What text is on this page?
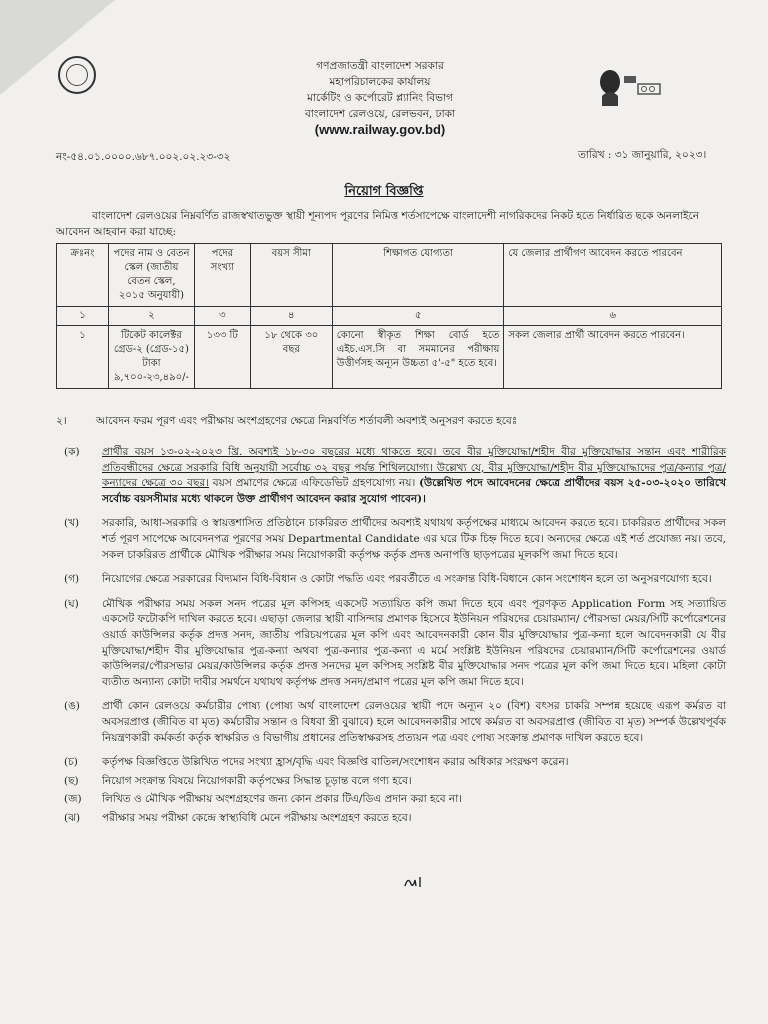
গণপ্রজাতন্ত্রী বাংলাদেশ সরকার
মহাপরিচালকের কার্যালয়
মার্কেটিং ও কর্পোরেট প্ল্যানিং বিভাগ
বাংলাদেশ রেলওয়ে, রেলভবন, ঢাকা
(www.railway.gov.bd)
নং-৫৪.০১.০০০০.৬৮৭.০০২.০২.২৩-৩২	তারিখ : ৩১ জানুয়ারি, ২০২৩।
নিয়োগ বিজ্ঞপ্তি
বাংলাদেশ রেলওয়ের নিম্নবর্ণিত রাজস্বখাতভুক্ত স্থায়ী শূন্যপদ পূরণের নিমিত্ত শর্তসাপেক্ষে বাংলাদেশী নাগরিকদের নিকট হতে নির্ধারিত ছকে অনলাইনে আবেদন আহবান করা যাচ্ছে:
ক্রঃনং	পদের নাম ও বেতন স্কেল (জাতীয় বেতন স্কেল, ২০১৫ অনুযায়ী)	পদের সংখ্যা	বয়স সীমা	শিক্ষাগত যোগ্যতা	যে জেলার প্রার্থীগণ আবেদন করতে পারবেন
১	২	৩	৪	৫	৬
১	টিকেট কালেক্টর গ্রেড-২ (গ্রেড-১৫) টাকা ৯,৭০০-২৩,৪৯০/-	১৩৩ টি	১৮ থেকে ৩০ বছর	কোনো স্বীকৃত শিক্ষা বোর্ড হতে এইচ.এস.সি বা সমমানের পরীক্ষায় উত্তীর্ণসহ অন্যূন উচ্চতা ৫'-৫" হতে হবে।	সকল জেলার প্রার্থী আবেদন করতে পারবেন।
২।	আবেদন ফরম পূরণ এবং পরীক্ষায় অংশগ্রহণের ক্ষেত্রে নিম্নবর্ণিত শর্তাবলী অবশ্যই অনুসরণ করতে হবেঃ
(ক)	প্রার্থীর বয়স ১৩-০২-২০২৩ খ্রি. অবশ্যই ১৮-৩০ বছরের মধ্যে থাকতে হবে। তবে বীর মুক্তিযোদ্ধা/শহীদ বীর মুক্তিযোদ্ধার সন্তান এবং শারীরিক প্রতিবন্ধীদের ক্ষেত্রে সরকারি বিধি অনুযায়ী সর্বোচ্চ ৩২ বছর পর্যন্ত শিথিলযোগ্য। উল্লেখ্য যে, বীর মুক্তিযোদ্ধা/শহীদ বীর মুক্তিযোদ্ধাদের পুত্র/কন্যার পুত্র/কন্যাদের ক্ষেত্রে ৩০ বছর। বয়স প্রমাণের ক্ষেত্রে এফিডেভিট গ্রহণযোগ্য নয়। (উল্লেখিত পদে আবেদনের ক্ষেত্রে প্রার্থীদের বয়স ২৫-০৩-২০২০ তারিখে সর্বোচ্চ বয়সসীমার মধ্যে থাকলে উক্ত প্রার্থীগণ আবেদন করার সুযোগ পাবেন)।
(খ)	সরকারি, আধা-সরকারি ও স্বায়ত্তশাসিত প্রতিষ্ঠানে চাকরিরত প্রার্থীদের অবশ্যই যথাযথ কর্তৃপক্ষের মাধ্যমে আবেদন করতে হবে। চাকরিরত প্রার্থীদের সকল শর্ত পূরণ সাপেক্ষে আবেদনপত্র পূরণের সময় Departmental Candidate এর ঘরে টিক চিহ্ন দিতে হবে। অন্যদের ক্ষেত্রে এই শর্ত প্রযোজ্য নয়। তবে, সকল চাকরিরত প্রার্থীকে মৌখিক পরীক্ষার সময় নিয়োগকারী কর্তৃপক্ষ কর্তৃক প্রদত্ত অনাপত্তি ছাড়পত্রের মূলকপি জমা দিতে হবে।
(গ)	নিয়োগের ক্ষেত্রে সরকারের বিদ্যমান বিধি-বিধান ও কোটা পদ্ধতি এবং পরবর্তীতে এ সংক্রান্ত বিধি-বিধানে কোন সংশোধন হলে তা অনুসরণযোগ্য হবে।
(ঘ)	মৌখিক পরীক্ষার সময় সকল সনদ পত্রের মূল কপিসহ একসেট সত্যায়িত কপি জমা দিতে হবে এবং পূরণকৃত Application Form সহ সত্যায়িত একসেট ফটোকপি দাখিল করতে হবে। এছাড়া জেলার স্থায়ী বাসিন্দার প্রমাণক হিসেবে ইউনিয়ন পরিষদের চেয়ারম্যান/ পৌরসভা মেয়র/সিটি কর্পোরেশনের ওয়ার্ড কাউন্সিলর কর্তৃক প্রদত্ত সনদ, জাতীয় পরিচয়পত্রের মূল কপি এবং আবেদনকারী কোন বীর মুক্তিযোদ্ধার পুত্র-কন্যা হলে আবেদনকারী যে বীর মুক্তিযোদ্ধা/শহীদ বীর মুক্তিযোদ্ধার পুত্র-কন্যা অথবা পুত্র-কন্যার পুত্র-কন্যা এ মর্মে সংশ্লিষ্ট ইউনিয়ন পরিষদের চেয়ারম্যান/সিটি কর্পোরেশনের ওয়ার্ড কাউন্সিলর/পৌরসভার মেয়র/কাউন্সিলর কর্তৃক প্রদত্ত সনদের মূল কপিসহ সংশ্লিষ্ট বীর মুক্তিযোদ্ধার সনদ পত্রের মূল কপি জমা দিতে হবে। মহিলা কোটা ব্যতীত অন্যান্য কোটা দাবীর সমর্থনে যথাযথ কর্তৃপক্ষ প্রদত্ত সনদ/প্রমাণ পত্রের মূল কপি জমা দিতে হবে।
(ঙ)	প্রার্থী কোন রেলওয়ে কর্মচারীর পোষ্য (পোষ্য অর্থ বাংলাদেশ রেলওয়ের স্থায়ী পদে অন্যূন ২০ (বিশ) বৎসর চাকরি সম্পন্ন হয়েছে এরূপ কর্মরত বা অবসরপ্রাপ্ত (জীবিত বা মৃত) কর্মচারীর সন্তান ও বিধবা স্ত্রী বুঝাবে) হলে আবেদনকারীর সাথে কর্মরত বা অবসরপ্রাপ্ত (জীবিত বা মৃত) সম্পর্ক উল্লেখপূর্বক নিয়ন্ত্রণকারী কর্মকর্তা কর্তৃক স্বাক্ষরিত ও বিভাগীয় প্রধানের প্রতিস্বাক্ষরসহ প্রত্যয়ন পত্র এবং পোষ্য সংক্রান্ত প্রমাণক দাখিল করতে হবে।
(চ)	কর্তৃপক্ষ বিজ্ঞপ্তিতে উল্লিখিত পদের সংখ্যা হ্রাস/বৃদ্ধি এবং বিজ্ঞপ্তি বাতিল/সংশোধন করার অধিকার সংরক্ষণ করেন।
(ছ)	নিয়োগ সংক্রান্ত বিষয়ে নিয়োগকারী কর্তৃপক্ষের সিদ্ধান্ত চূড়ান্ত বলে গণ্য হবে।
(জ)	লিখিত ও মৌখিক পরীক্ষায় অংশগ্রহণের জন্য কোন প্রকার টিএ/ডিএ প্রদান করা হবে না।
(ঝ)	পরীক্ষার সময় পরীক্ষা কেন্দ্রে স্বাস্থ্যবিধি মেনে পরীক্ষায় অংশগ্রহণ করতে হবে।
